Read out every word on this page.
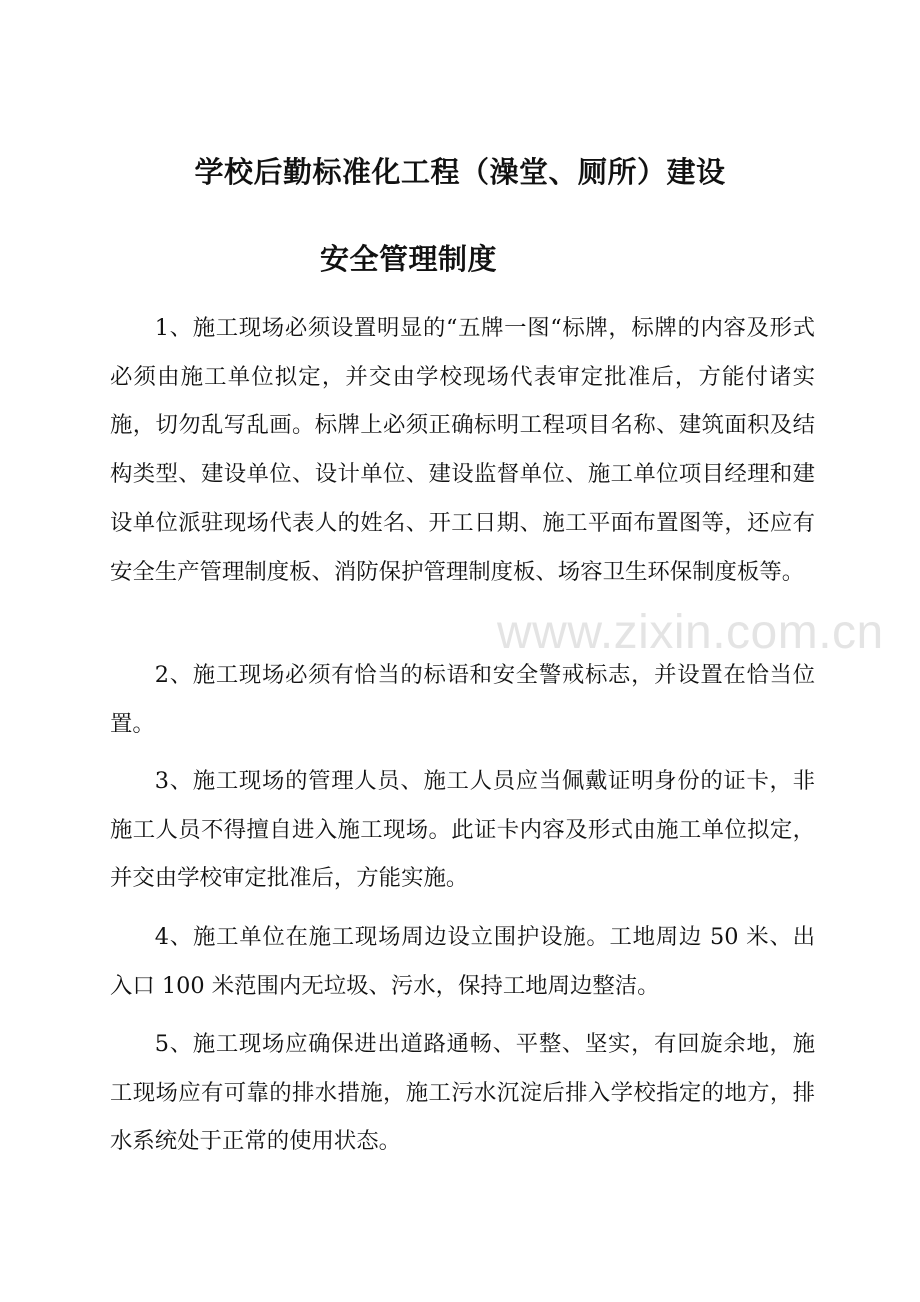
学校后勤标准化工程（澡堂、厕所）建设
安全管理制度

1、施工现场必须设置明显的“五牌一图“标牌，标牌的内容及形式必须由施工单位拟定，并交由学校现场代表审定批准后，方能付诸实施，切勿乱写乱画。标牌上必须正确标明工程项目名称、建筑面积及结构类型、建设单位、设计单位、建设监督单位、施工单位项目经理和建设单位派驻现场代表人的姓名、开工日期、施工平面布置图等，还应有安全生产管理制度板、消防保护管理制度板、场容卫生环保制度板等。

2、施工现场必须有恰当的标语和安全警戒标志，并设置在恰当位置。

3、施工现场的管理人员、施工人员应当佩戴证明身份的证卡，非施工人员不得擅自进入施工现场。此证卡内容及形式由施工单位拟定，并交由学校审定批准后，方能实施。

4、施工单位在施工现场周边设立围护设施。工地周边 50 米、出入口 100 米范围内无垃圾、污水，保持工地周边整洁。

5、施工现场应确保进出道路通畅、平整、坚实，有回旋余地，施工现场应有可靠的排水措施，施工污水沉淀后排入学校指定的地方，排水系统处于正常的使用状态。

www.zixin.com.cn
